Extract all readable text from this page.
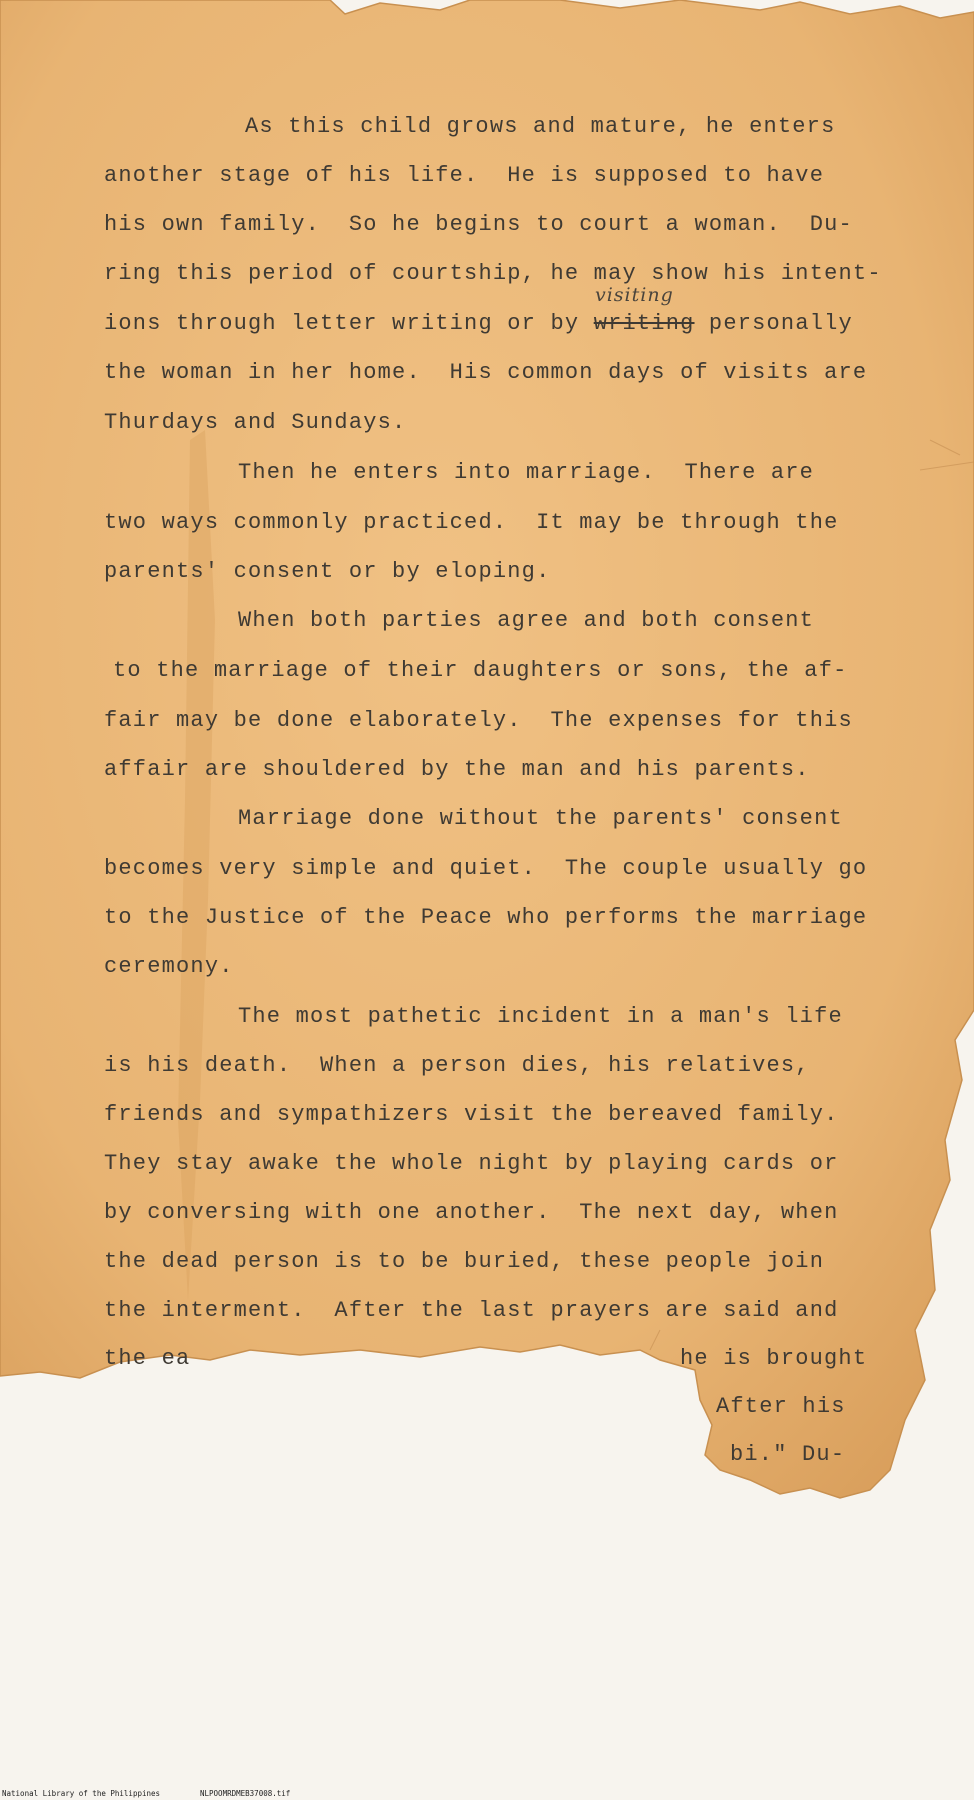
As this child grows and mature, he enters
another stage of his life.  He is supposed to have
his own family.  So he begins to court a woman.  Du-
ring this period of courtship, he may show his intent-
ions through letter writing or by writing personally
visiting
the woman in her home.  His common days of visits are
Thurdays and Sundays.
Then he enters into marriage.  There are
two ways commonly practiced.  It may be through the
parents' consent or by eloping.
When both parties agree and both consent
to the marriage of their daughters or sons, the af-
fair may be done elaborately.  The expenses for this
affair are shouldered by the man and his parents.
Marriage done without the parents' consent
becomes very simple and quiet.  The couple usually go
to the Justice of the Peace who performs the marriage
ceremony.
The most pathetic incident in a man's life
is his death.  When a person dies, his relatives,
friends and sympathizers visit the bereaved family.
They stay awake the whole night by playing cards or
by conversing with one another.  The next day, when
the dead person is to be buried, these people join
the interment.  After the last prayers are said and
the ea	he is brought
After his
bi." Du-
National Library of the Philippines	NLPOOMRDMEB37008.tif
